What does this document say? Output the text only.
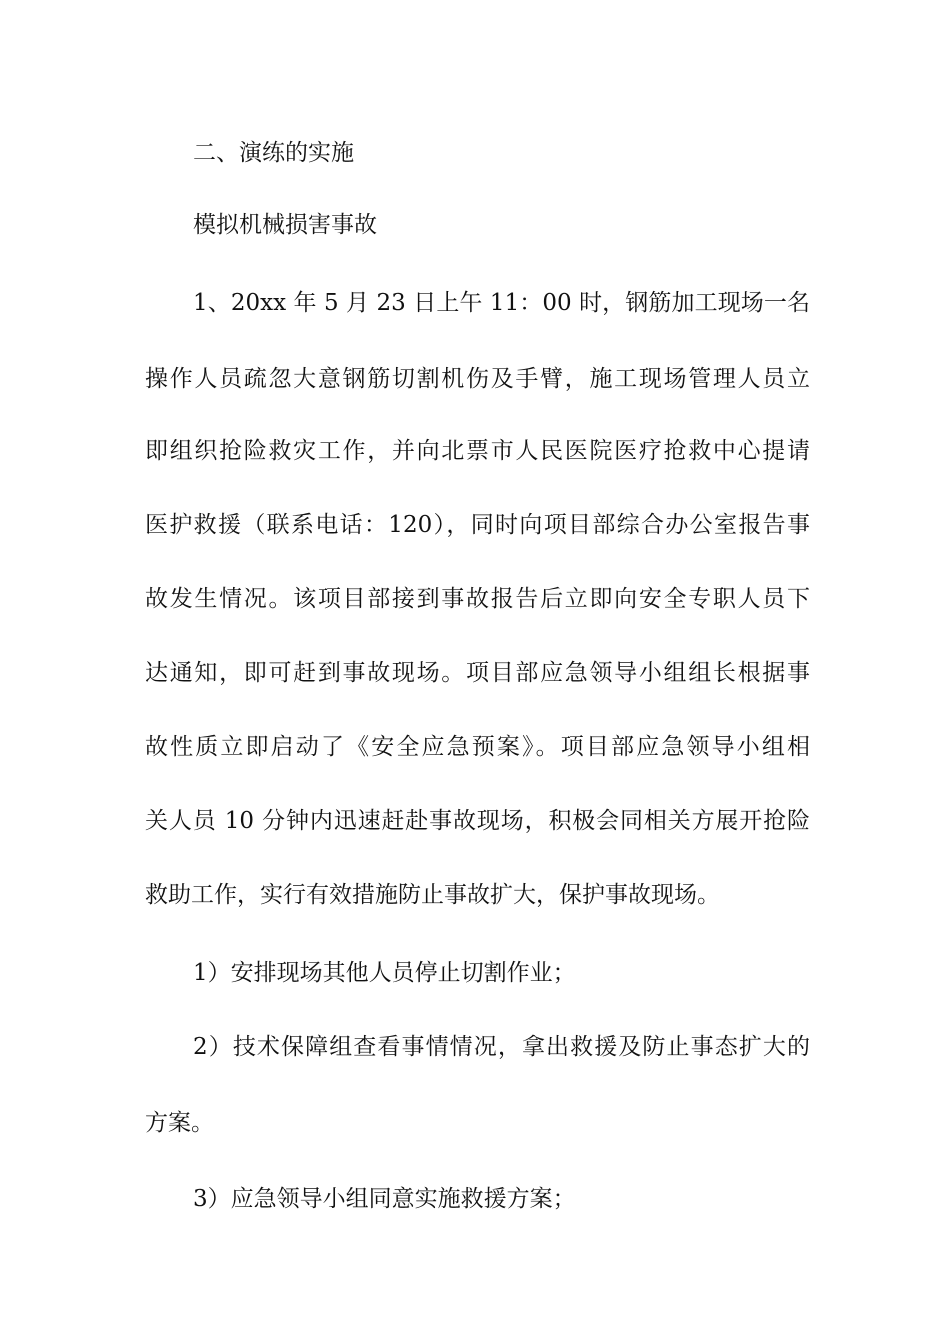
二、演练的实施
模拟机械损害事故
1、20xx 年 5 月 23 日上午 11：00 时，钢筋加工现场一名
操作人员疏忽大意钢筋切割机伤及手臂，施工现场管理人员立
即组织抢险救灾工作，并向北票市人民医院医疗抢救中心提请
医护救援（联系电话：120），同时向项目部综合办公室报告事
故发生情况。该项目部接到事故报告后立即向安全专职人员下
达通知，即可赶到事故现场。项目部应急领导小组组长根据事
故性质立即启动了《安全应急预案》。项目部应急领导小组相
关人员 10 分钟内迅速赶赴事故现场，积极会同相关方展开抢险
救助工作，实行有效措施防止事故扩大，保护事故现场。
1）安排现场其他人员停止切割作业；
2）技术保障组查看事情情况，拿出救援及防止事态扩大的
方案。
3）应急领导小组同意实施救援方案；
